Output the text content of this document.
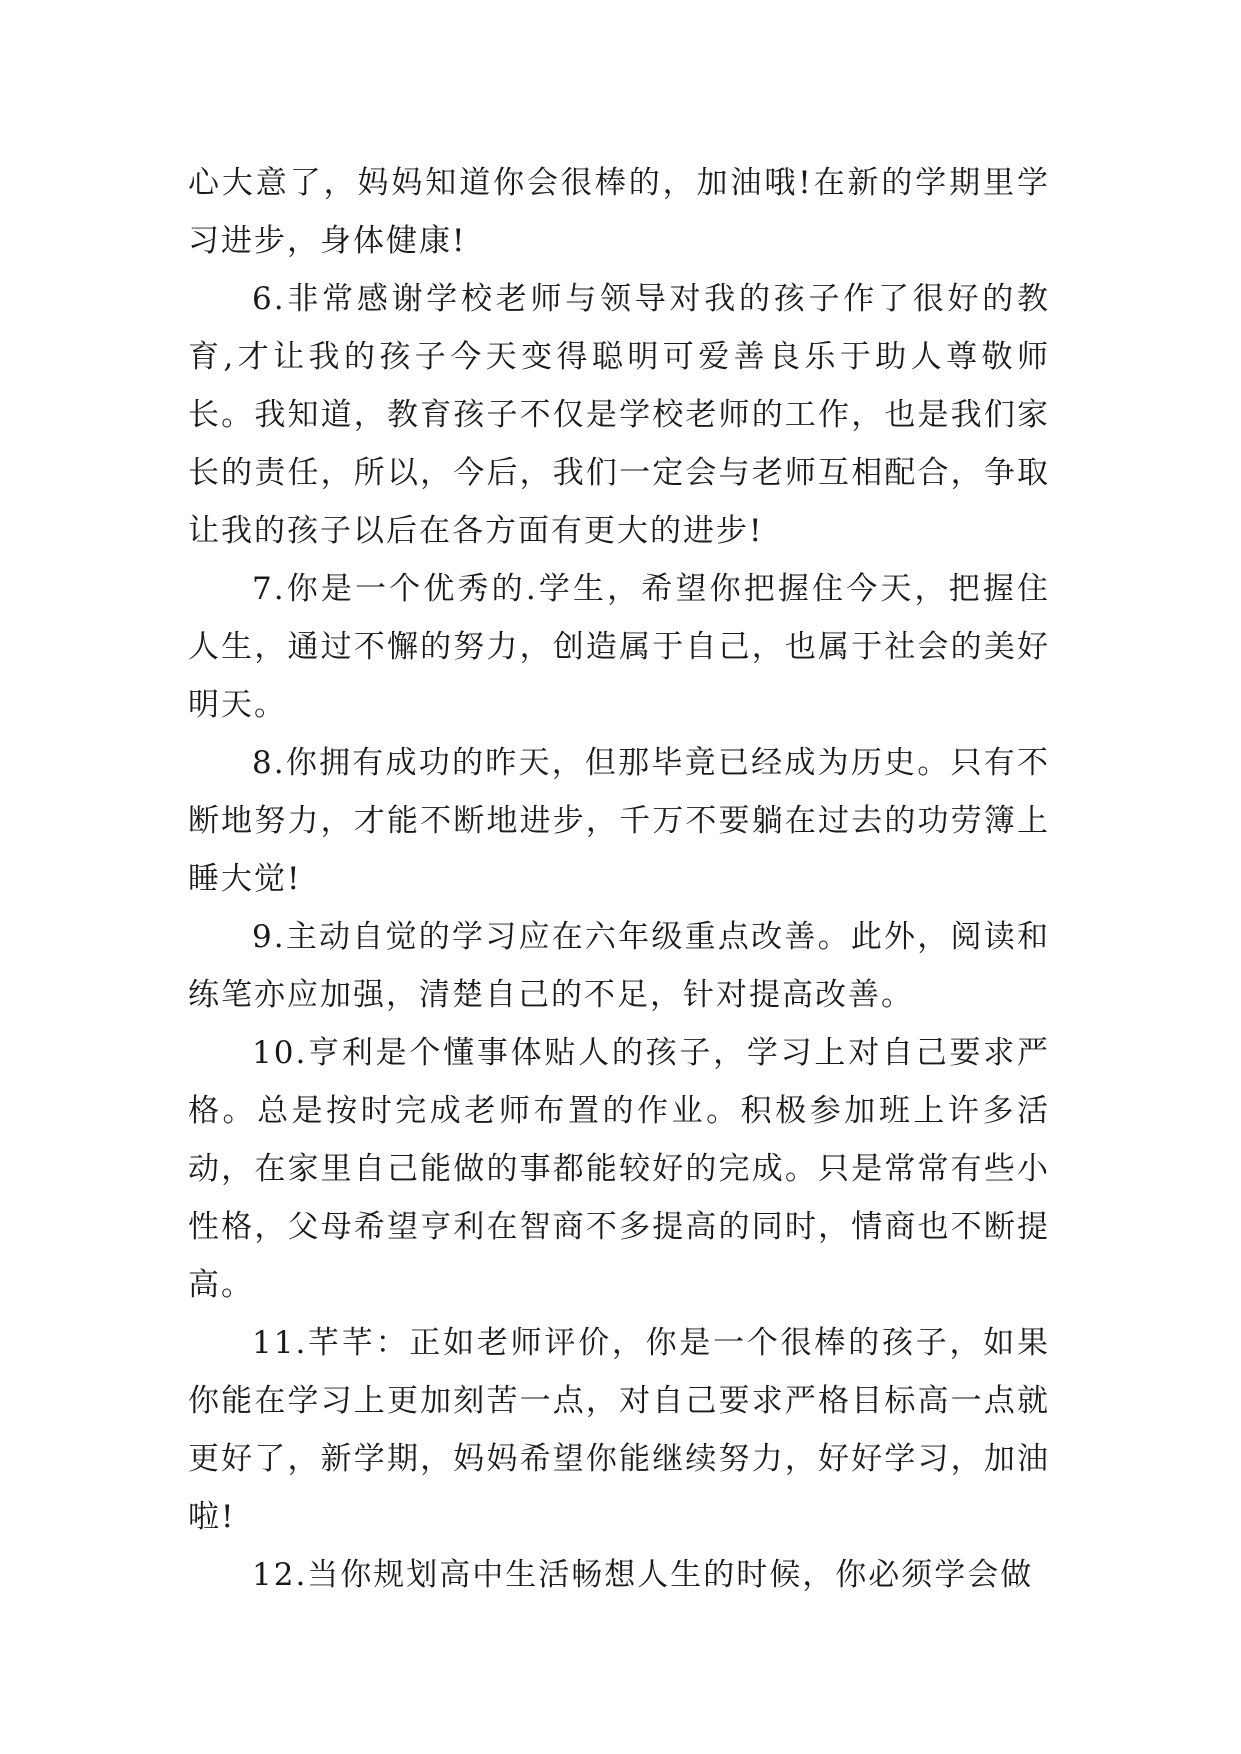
心大意了，妈妈知道你会很棒的，加油哦!在新的学期里学习进步，身体健康!

6.非常感谢学校老师与领导对我的孩子作了很好的教育,才让我的孩子今天变得聪明可爱善良乐于助人尊敬师长。我知道，教育孩子不仅是学校老师的工作，也是我们家长的责任，所以，今后，我们一定会与老师互相配合，争取让我的孩子以后在各方面有更大的进步!

7.你是一个优秀的.学生，希望你把握住今天，把握住人生，通过不懈的努力，创造属于自己，也属于社会的美好明天。

8.你拥有成功的昨天，但那毕竟已经成为历史。只有不断地努力，才能不断地进步，千万不要躺在过去的功劳簿上睡大觉!

9.主动自觉的学习应在六年级重点改善。此外，阅读和练笔亦应加强，清楚自己的不足，针对提高改善。

10.亨利是个懂事体贴人的孩子，学习上对自己要求严格。总是按时完成老师布置的作业。积极参加班上许多活动，在家里自己能做的事都能较好的完成。只是常常有些小性格，父母希望亨利在智商不多提高的同时，情商也不断提高。

11.芊芊：正如老师评价，你是一个很棒的孩子，如果你能在学习上更加刻苦一点，对自己要求严格目标高一点就更好了，新学期，妈妈希望你能继续努力，好好学习，加油啦!

12.当你规划高中生活畅想人生的时候，你必须学会做
